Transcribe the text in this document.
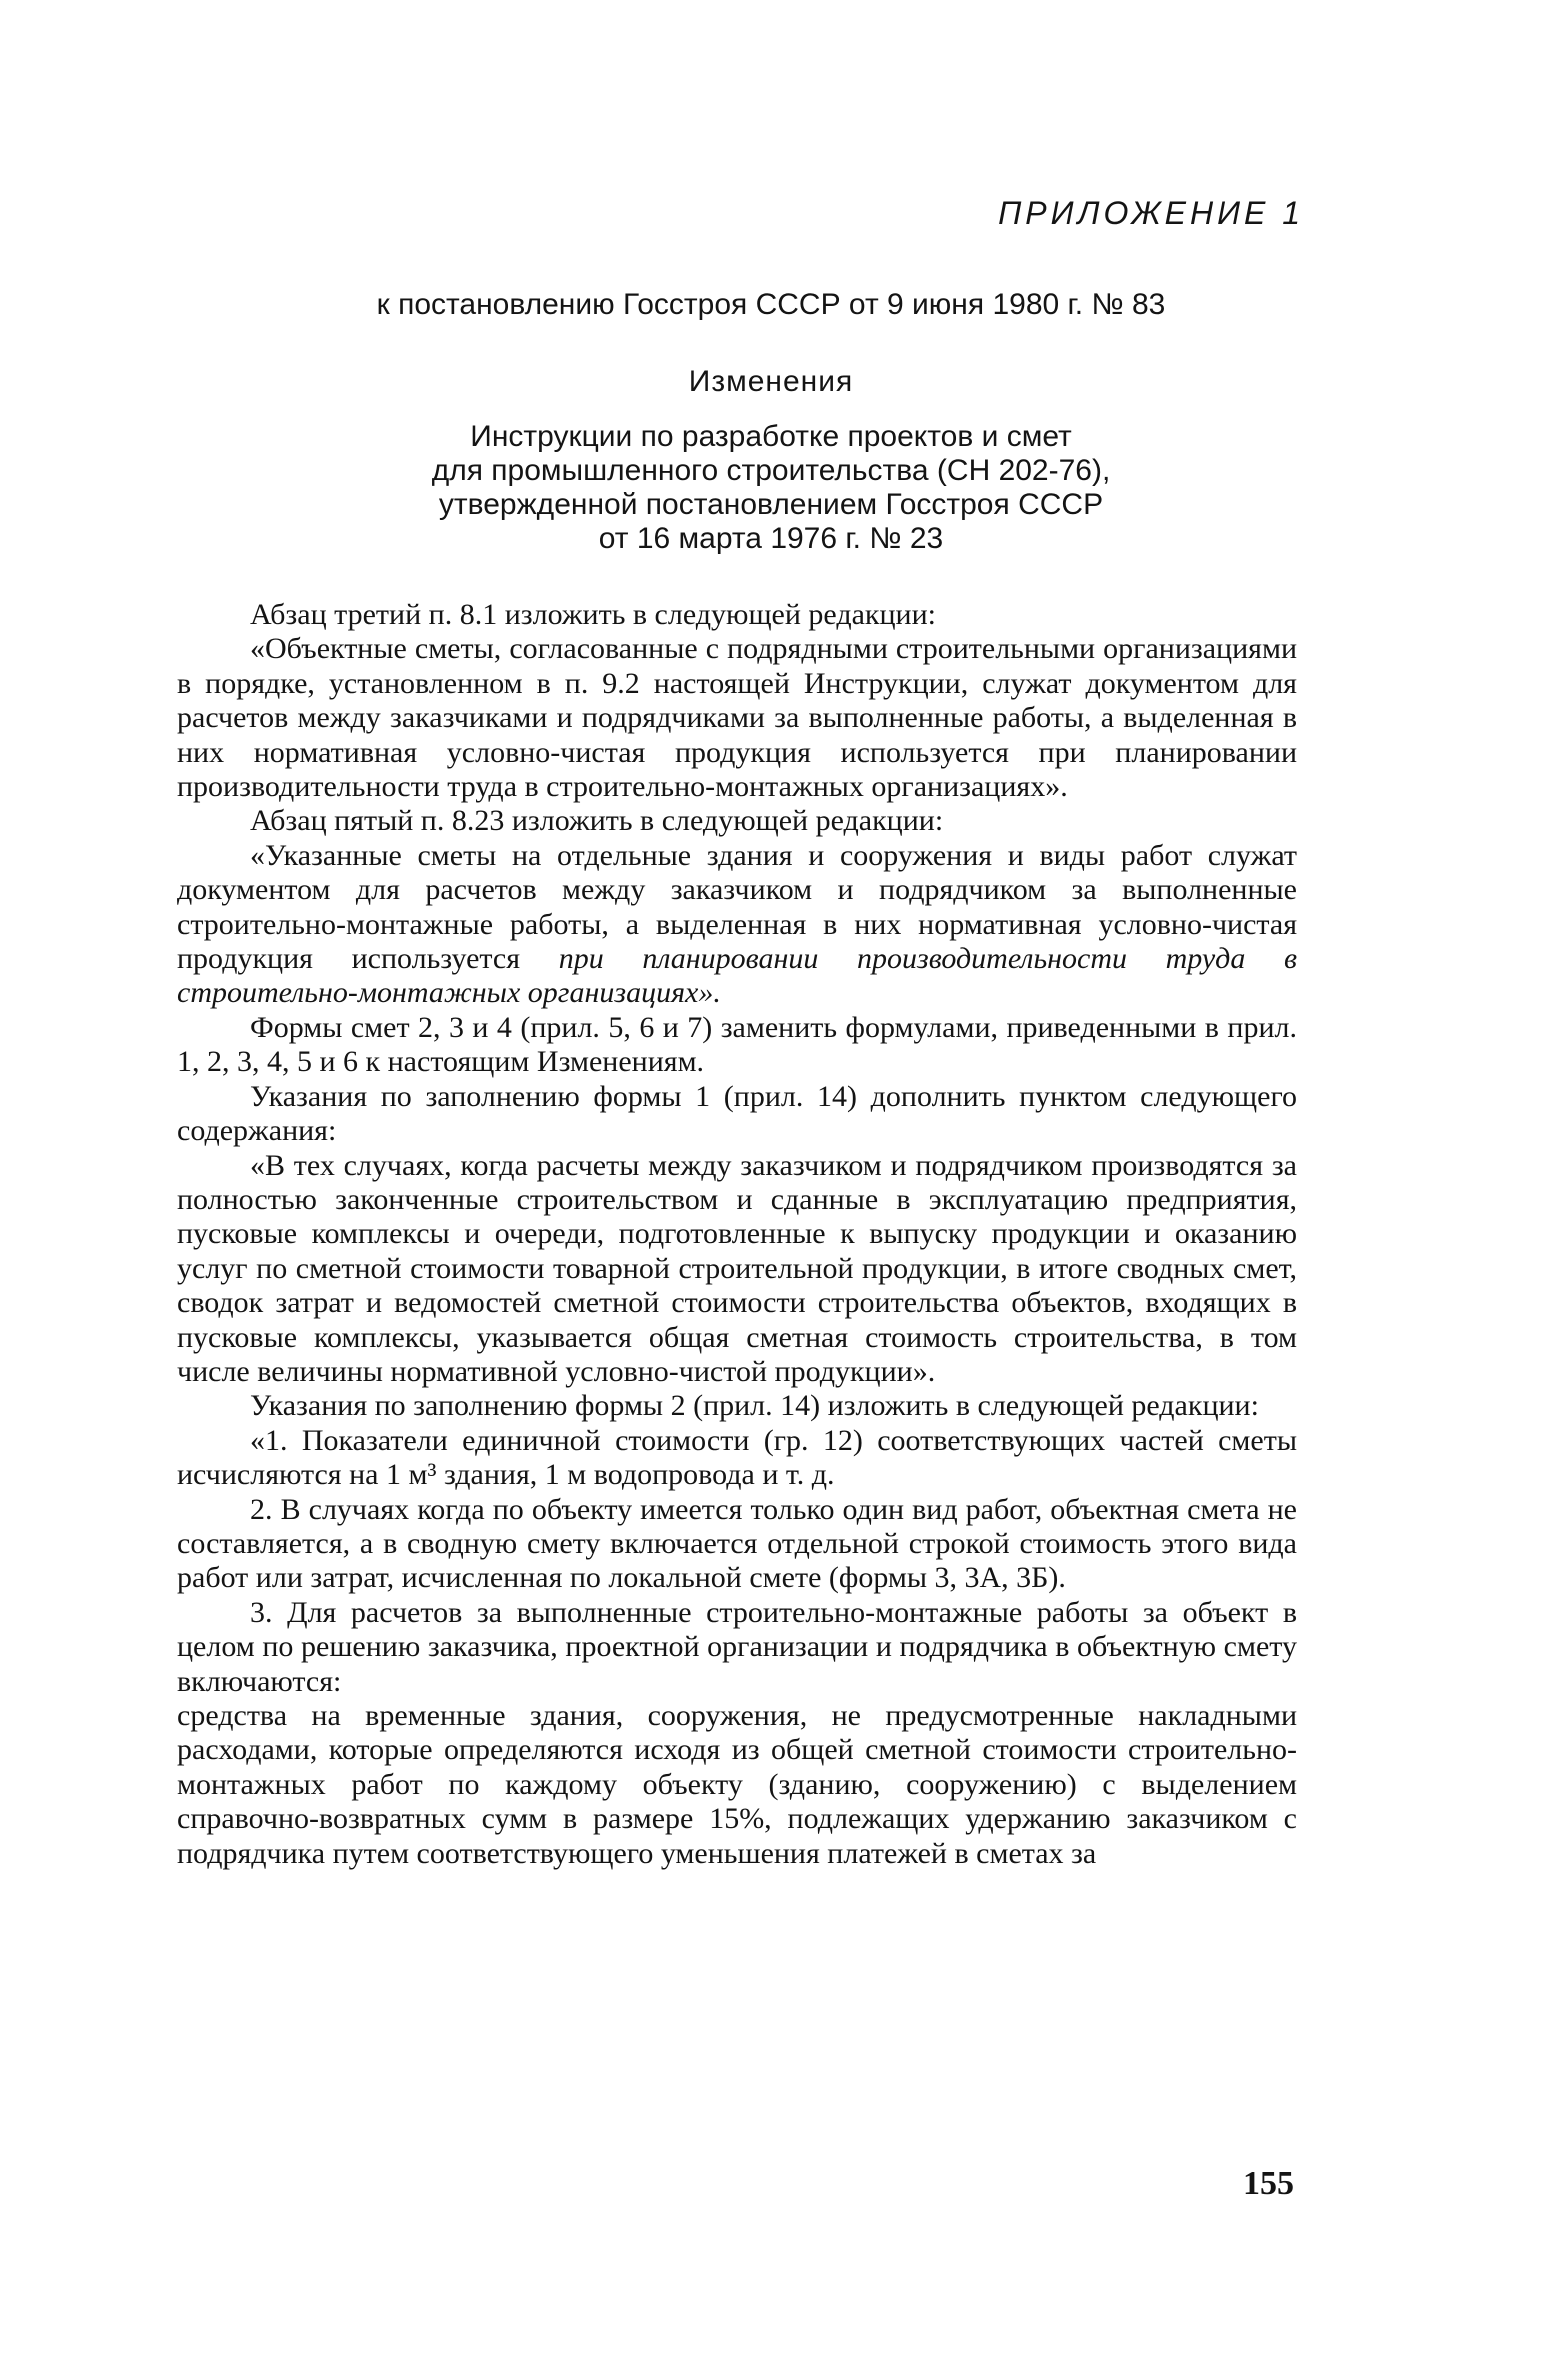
ПРИЛОЖЕНИЕ 1
к постановлению Госстроя СССР от 9 июня 1980 г. № 83
Изменения
Инструкции по разработке проектов и смет
для промышленного строительства (СН 202-76),
утвержденной постановлением Госстроя СССР
от 16 марта 1976 г. № 23

Абзац третий п. 8.1 изложить в следующей редакции:

«Объектные сметы, согласованные с подрядными строительными организациями в порядке, установленном в п. 9.2 настоящей Инструкции, служат документом для расчетов между заказчиками и подрядчиками за выполненные работы, а выделенная в них нормативная условно-чистая продукция используется при планировании производительности труда в строительно-монтажных организациях».

Абзац пятый п. 8.23 изложить в следующей редакции:

«Указанные сметы на отдельные здания и сооружения и виды работ служат документом для расчетов между заказчиком и подрядчиком за выполненные строительно-монтажные работы, а выделенная в них нормативная условно-чистая продукция используется при планировании производительности труда в строительно-монтажных организациях».

Формы смет 2, 3 и 4 (прил. 5, 6 и 7) заменить формулами, приведенными в прил. 1, 2, 3, 4, 5 и 6 к настоящим Изменениям.

Указания по заполнению формы 1 (прил. 14) дополнить пунктом следующего содержания:

«В тех случаях, когда расчеты между заказчиком и подрядчиком производятся за полностью законченные строительством и сданные в эксплуатацию предприятия, пусковые комплексы и очереди, подготовленные к выпуску продукции и оказанию услуг по сметной стоимости товарной строительной продукции, в итоге сводных смет, сводок затрат и ведомостей сметной стоимости строительства объектов, входящих в пусковые комплексы, указывается общая сметная стоимость строительства, в том числе величины нормативной условно-чистой продукции».

Указания по заполнению формы 2 (прил. 14) изложить в следующей редакции:

«1. Показатели единичной стоимости (гр. 12) соответствующих частей сметы исчисляются на 1 м³ здания, 1 м водопровода и т. д.

2. В случаях когда по объекту имеется только один вид работ, объектная смета не составляется, а в сводную смету включается отдельной строкой стоимость этого вида работ или затрат, исчисленная по локальной смете (формы 3, 3А, 3Б).

3. Для расчетов за выполненные строительно-монтажные работы за объект в целом по решению заказчика, проектной организации и подрядчика в объектную смету включаются:

средства на временные здания, сооружения, не предусмотренные накладными расходами, которые определяются исходя из общей сметной стоимости строительно-монтажных работ по каждому объекту (зданию, сооружению) с выделением справочно-возвратных сумм в размере 15%, подлежащих удержанию заказчиком с подрядчика путем соответствующего уменьшения платежей в сметах за

155
